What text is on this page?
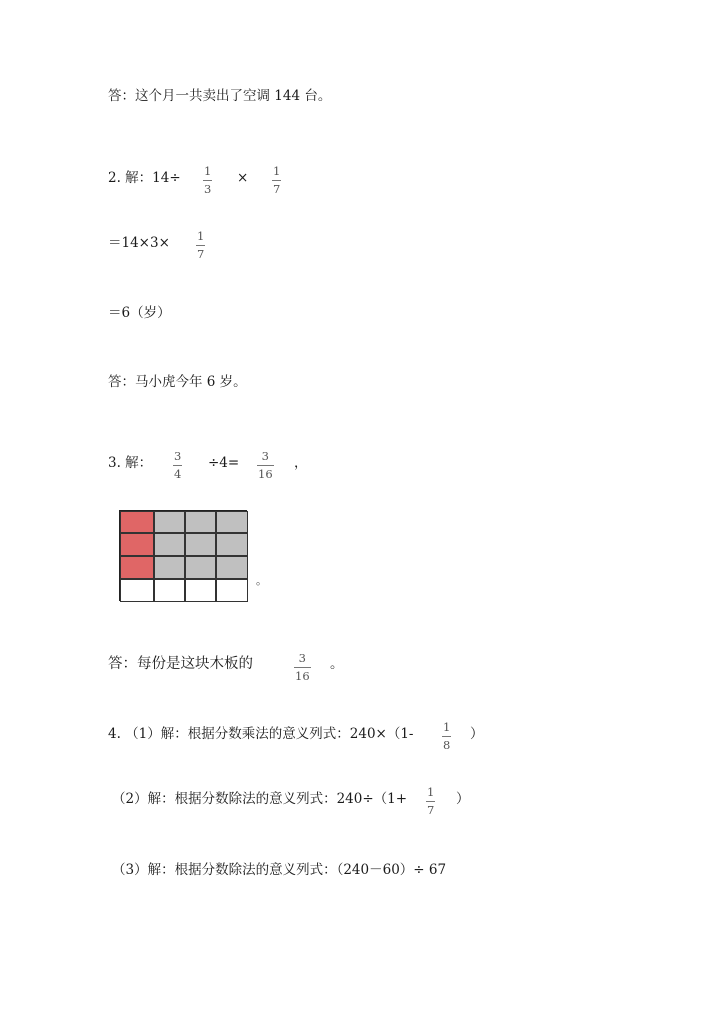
答：这个月一共卖出了空调 144 台。
2. 解：14÷ 1
3
× 1
7
＝14×3× 1
7
＝6（岁）
答：马小虎今年 6 岁。
3. 解： 3
4
÷4= 3
16
，
。
答：每份是这块木板的	3
16
。
4. （1）解：根据分数乘法的意义列式：240×（1-	1
8
）
（2）解：根据分数除法的意义列式：240÷（1+ 1
7
）
（3）解：根据分数除法的意义列式：（240－60）÷ 67
